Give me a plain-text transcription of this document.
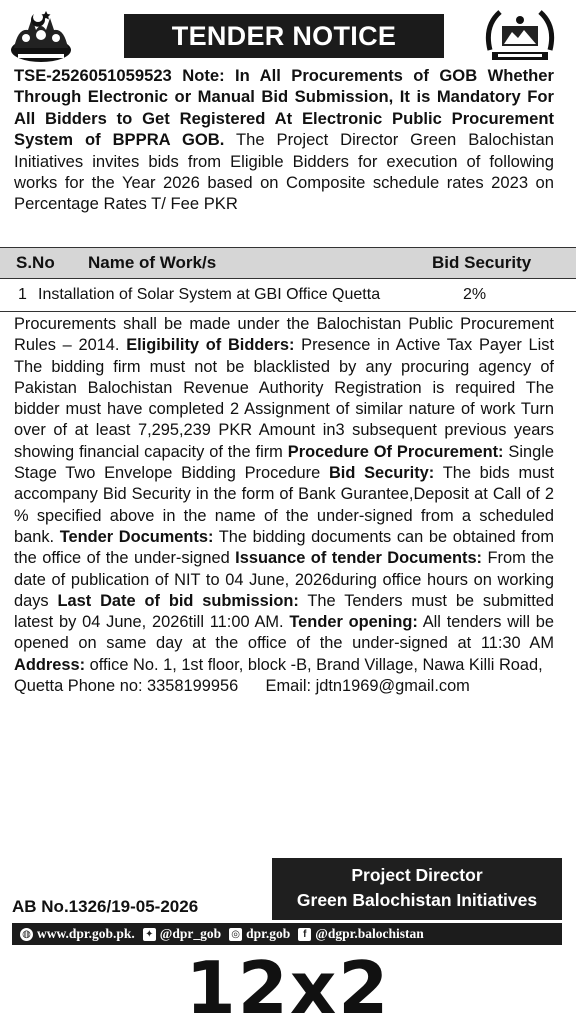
TENDER NOTICE
TSE-2526051059523 Note: In All Procurements of GOB Whether Through Electronic or Manual Bid Submission, It is Mandatory For All Bidders to Get Registered At Electronic Public Procurement System of BPPRA GOB. The Project Director Green Balochistan Initiatives invites bids from Eligible Bidders for execution of following works for the Year 2026 based on Composite schedule rates 2023 on Percentage Rates T/ Fee PKR
S.No Name of Work/s	Bid Security
1 Installation of Solar System at GBI Office Quetta	2%
Procurements shall be made under the Balochistan Public Procurement Rules – 2014. Eligibility of Bidders: Presence in Active Tax Payer List The bidding firm must not be blacklisted by any procuring agency of Pakistan Balochistan Revenue Authority Registration is required The bidder must have completed 2 Assignment of similar nature of work Turn over of at least 7,295,239 PKR Amount in3 subsequent previous years showing financial capacity of the firm Procedure Of Procurement: Single Stage Two Envelope Bidding Procedure Bid Security: The bids must accompany Bid Security in the form of Bank Gurantee,Deposit at Call of 2 % specified above in the name of the under-signed from a scheduled bank. Tender Documents: The bidding documents can be obtained from the office of the under-signed Issuance of tender Documents: From the date of publication of NIT to 04 June, 2026during office hours on working days Last Date of bid submission: The Tenders must be submitted latest by 04 June, 2026till 11:00 AM. Tender opening: All tenders will be opened on same day at the office of the under-signed at 11:30 AM Address: office No. 1, 1st floor, block -B, Brand Village, Nawa Killi Road,
Quetta Phone no: 3358199956      Email: jdtn1969@gmail.com
AB No.1326/19-05-2026
Project Director
Green Balochistan Initiatives
◍ www.dpr.gob.pk. ✦ @dpr_gob ◎ dpr.gob	f @dgpr.balochistan
12x2
